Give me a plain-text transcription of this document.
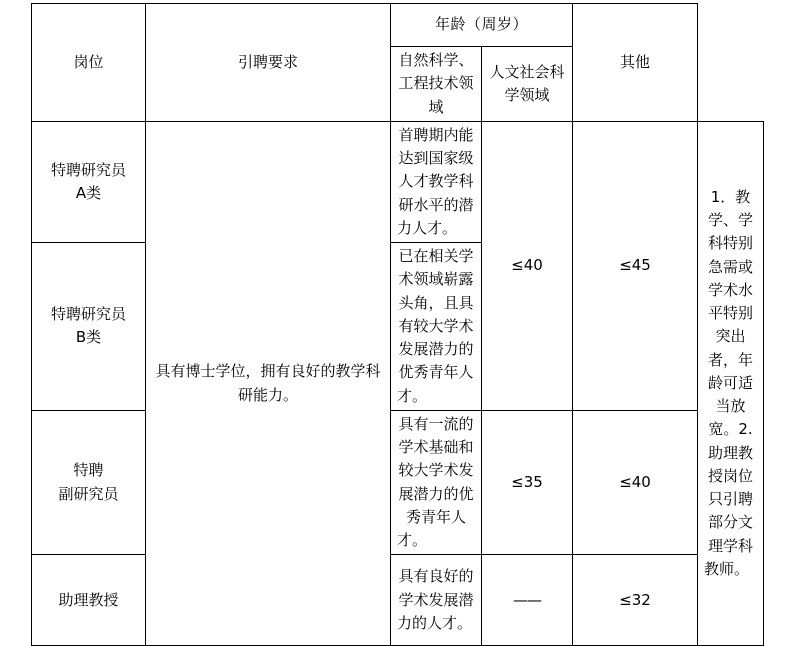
岗位	引聘要求	年龄（周岁）		其他	
		自然科学、工程技术领域	人文社会科学领域		

特聘研究员
A类	具有博士学位，拥有良好的教学科研能力。	首聘期内能达到国家级人才教学科研水平的潜力人才。	≤40	≤45	1．教学、学科特别急需或学术水平特别突出者，年龄可适当放宽。2.助理教授岗位只引聘部分文理学科教师。

特聘研究员
B类		已在相关学术领域崭露头角，且具有较大学术发展潜力的优秀青年人才。			

特聘
副研究员		具有一流的学术基础和较大学术发展潜力的优秀青年人才。	≤35	≤40	

助理教授		具有良好的学术发展潜力的人才。	——	≤32	
